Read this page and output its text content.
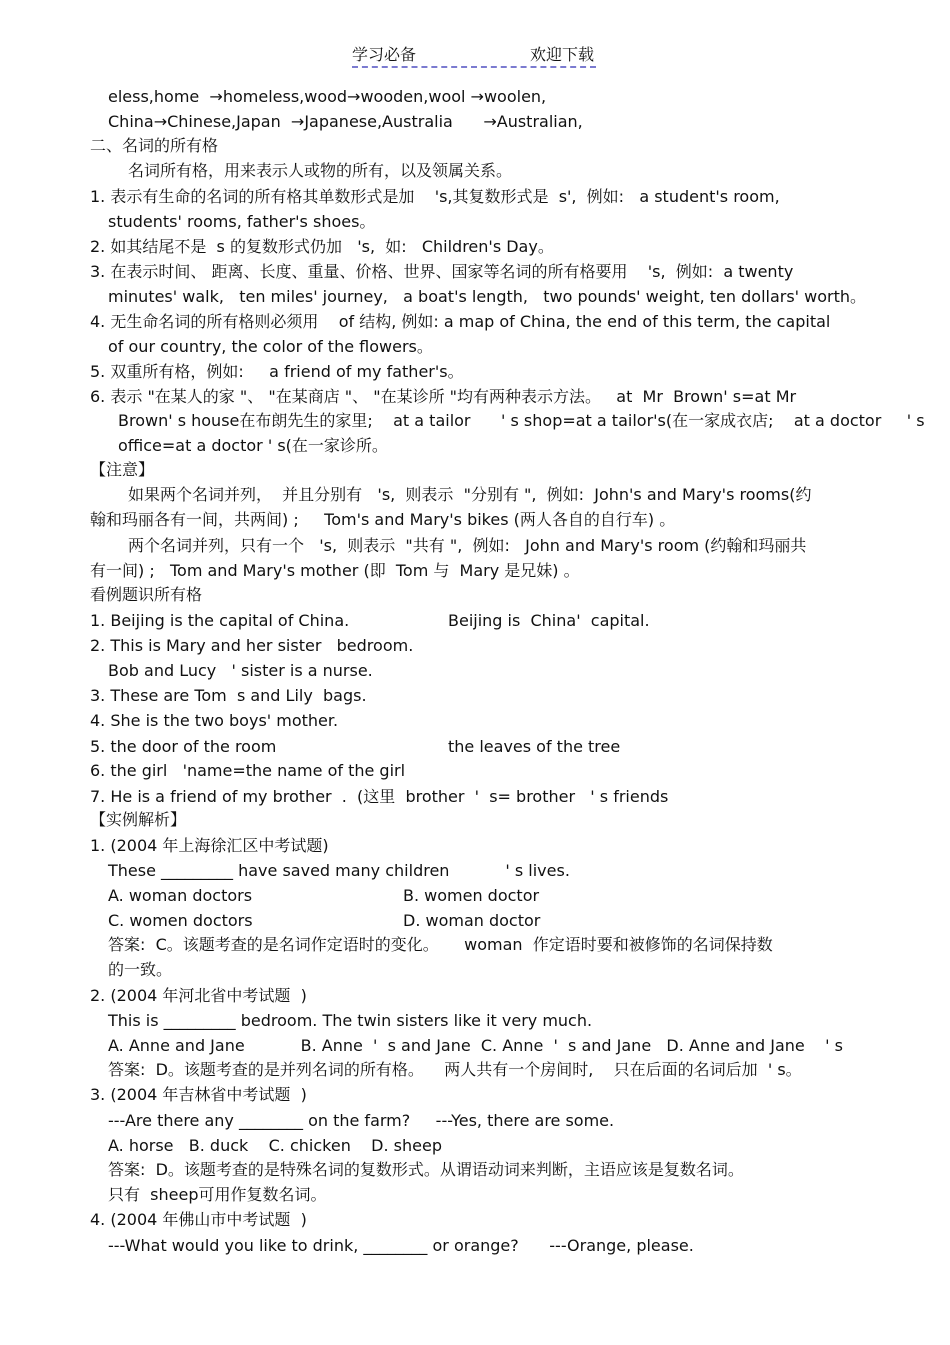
学习必备	欢迎下载
eless,home  →homeless,wood→wooden,wool →woolen,
China→Chinese,Japan  →Japanese,Australia      →Australian,
二、名词的所有格
名词所有格，用来表示人或物的所有，以及领属关系。
1. 表示有生命的名词的所有格其单数形式是加    's,其复数形式是  s',  例如:   a student's room,
students' rooms, father's shoes。
2. 如其结尾不是  s 的复数形式仍加   's,  如:   Children's Day。
3. 在表示时间、 距离、长度、重量、价格、世界、国家等名词的所有格要用    's,  例如:  a twenty
minutes' walk,   ten miles' journey,   a boat's length,   two pounds' weight, ten dollars' worth。
4. 无生命名词的所有格则必须用    of 结构, 例如: a map of China, the end of this term, the capital
of our country, the color of the flowers。
5. 双重所有格，例如:     a friend of my father's。
6. 表示 "在某人的家 "、 "在某商店 "、 "在某诊所 "均有两种表示方法。   at  Mr  Brown' s=at Mr
Brown' s house在布朗先生的家里;    at a tailor      ' s shop=at a tailor's(在一家成衣店;    at a doctor     ' s
office=at a doctor ' s(在一家诊所。
【注意】
如果两个名词并列，  并且分别有   's,  则表示  "分别有 ",  例如:  John's and Mary's rooms(约
翰和玛丽各有一间，共两间) ;     Tom's and Mary's bikes (两人各自的自行车) 。
两个名词并列，只有一个   's,  则表示  "共有 ",  例如:   John and Mary's room (约翰和玛丽共
有一间) ;   Tom and Mary's mother (即  Tom 与  Mary 是兄妹) 。
看例题识所有格
1. Beijing is the capital of China.	Beijing is  China'  capital.
2. This is Mary and her sister   bedroom.
Bob and Lucy   ' sister is a nurse.
3. These are Tom  s and Lily  bags.
4. She is the two boys' mother.
5. the door of the room	the leaves of the tree
6. the girl   'name=the name of the girl
7. He is a friend of my brother  .  (这里  brother  '  s= brother   ' s friends
【实例解析】
1. (2004 年上海徐汇区中考试题)
These _________ have saved many children           ' s lives.
A. woman doctors	B. women doctor
C. women doctors	D. woman doctor
答案:  C。该题考查的是名词作定语时的变化。     woman  作定语时要和被修饰的名词保持数
的一致。
2. (2004 年河北省中考试题  )
This is _________ bedroom. The twin sisters like it very much.
A. Anne and Jane           B. Anne  '  s and Jane  C. Anne  '  s and Jane   D. Anne and Jane    ' s
答案:  D。该题考查的是并列名词的所有格。    两人共有一个房间时,    只在后面的名词后加  ' s。
3. (2004 年吉林省中考试题  )
---Are there any ________ on the farm?     ---Yes, there are some.
A. horse   B. duck    C. chicken    D. sheep
答案:  D。该题考查的是特殊名词的复数形式。从谓语动词来判断，主语应该是复数名词。
只有  sheep可用作复数名词。
4. (2004 年佛山市中考试题  )
---What would you like to drink, ________ or orange?      ---Orange, please.
